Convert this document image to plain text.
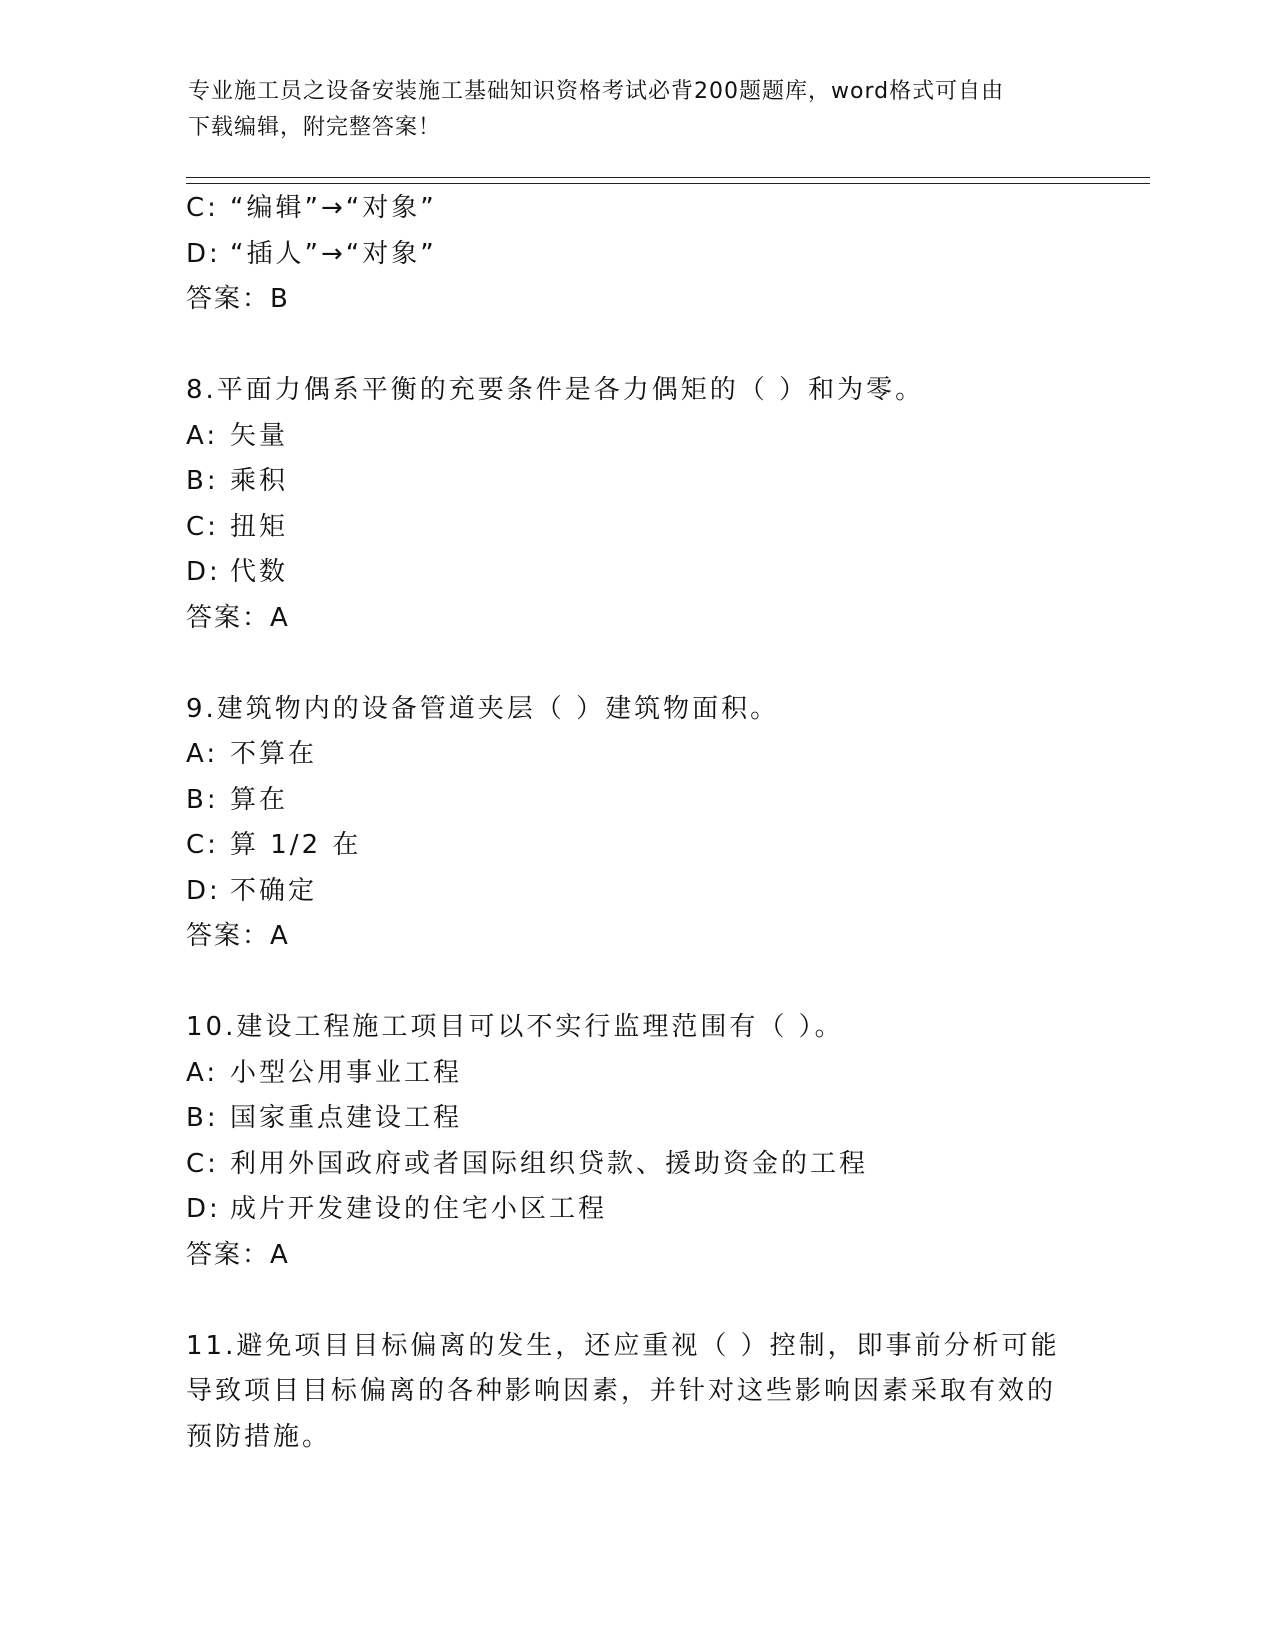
专业施工员之设备安装施工基础知识资格考试必背200题题库，word格式可自由
下载编辑，附完整答案！
C: “编辑”→“对象”
D: “插人”→“对象”
答案：B
8.平面力偶系平衡的充要条件是各力偶矩的（ ）和为零。
A: 矢量
B: 乘积
C: 扭矩
D: 代数
答案：A
9.建筑物内的设备管道夹层（ ）建筑物面积。
A: 不算在
B: 算在
C: 算 1/2 在
D: 不确定
答案：A
10.建设工程施工项目可以不实行监理范围有（ ）。
A: 小型公用事业工程
B: 国家重点建设工程
C: 利用外国政府或者国际组织贷款、援助资金的工程
D: 成片开发建设的住宅小区工程
答案：A
11.避免项目目标偏离的发生，还应重视（ ）控制，即事前分析可能
导致项目目标偏离的各种影响因素，并针对这些影响因素采取有效的
预防措施。
